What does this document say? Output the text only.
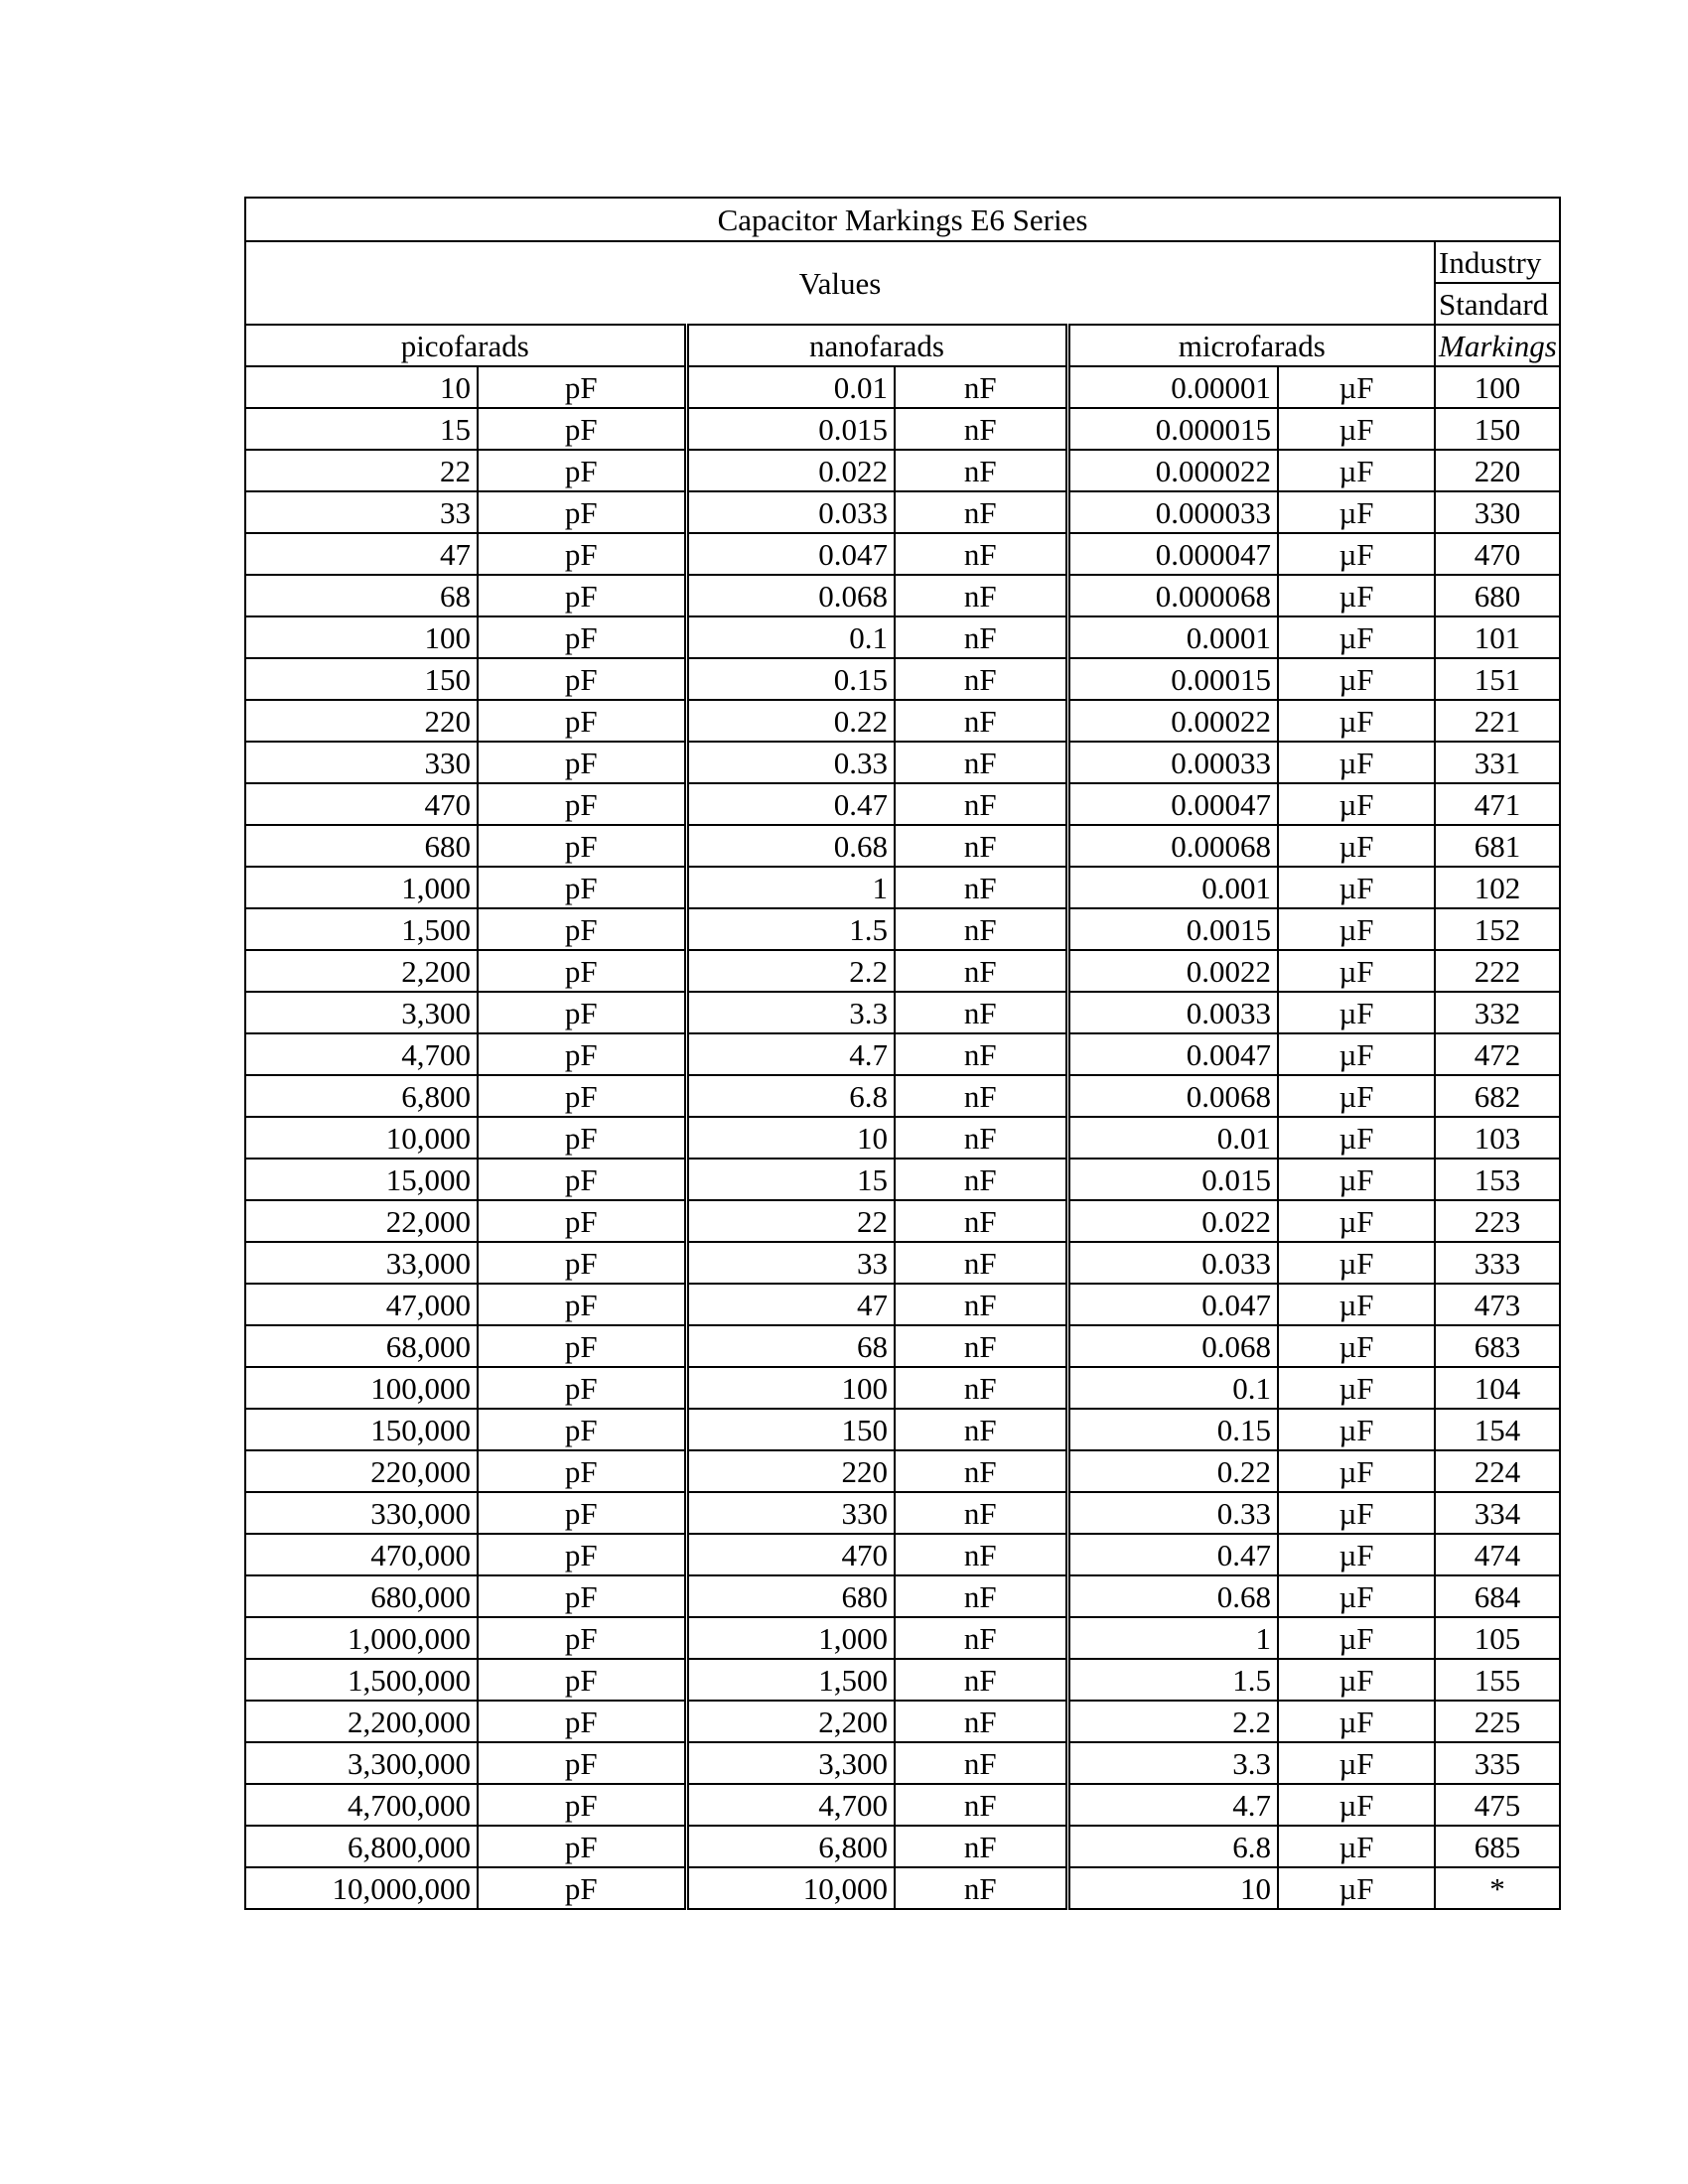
Capacitor Markings E6 Series						
Values						Industry
						Standard
picofarads		nanofarads		microfarads		Markings
10	pF	0.01	nF	0.00001	µF	100
15	pF	0.015	nF	0.000015	µF	150
22	pF	0.022	nF	0.000022	µF	220
33	pF	0.033	nF	0.000033	µF	330
47	pF	0.047	nF	0.000047	µF	470
68	pF	0.068	nF	0.000068	µF	680
100	pF	0.1	nF	0.0001	µF	101
150	pF	0.15	nF	0.00015	µF	151
220	pF	0.22	nF	0.00022	µF	221
330	pF	0.33	nF	0.00033	µF	331
470	pF	0.47	nF	0.00047	µF	471
680	pF	0.68	nF	0.00068	µF	681
1,000	pF	1	nF	0.001	µF	102
1,500	pF	1.5	nF	0.0015	µF	152
2,200	pF	2.2	nF	0.0022	µF	222
3,300	pF	3.3	nF	0.0033	µF	332
4,700	pF	4.7	nF	0.0047	µF	472
6,800	pF	6.8	nF	0.0068	µF	682
10,000	pF	10	nF	0.01	µF	103
15,000	pF	15	nF	0.015	µF	153
22,000	pF	22	nF	0.022	µF	223
33,000	pF	33	nF	0.033	µF	333
47,000	pF	47	nF	0.047	µF	473
68,000	pF	68	nF	0.068	µF	683
100,000	pF	100	nF	0.1	µF	104
150,000	pF	150	nF	0.15	µF	154
220,000	pF	220	nF	0.22	µF	224
330,000	pF	330	nF	0.33	µF	334
470,000	pF	470	nF	0.47	µF	474
680,000	pF	680	nF	0.68	µF	684
1,000,000	pF	1,000	nF	1	µF	105
1,500,000	pF	1,500	nF	1.5	µF	155
2,200,000	pF	2,200	nF	2.2	µF	225
3,300,000	pF	3,300	nF	3.3	µF	335
4,700,000	pF	4,700	nF	4.7	µF	475
6,800,000	pF	6,800	nF	6.8	µF	685
10,000,000	pF	10,000	nF	10	µF	*
